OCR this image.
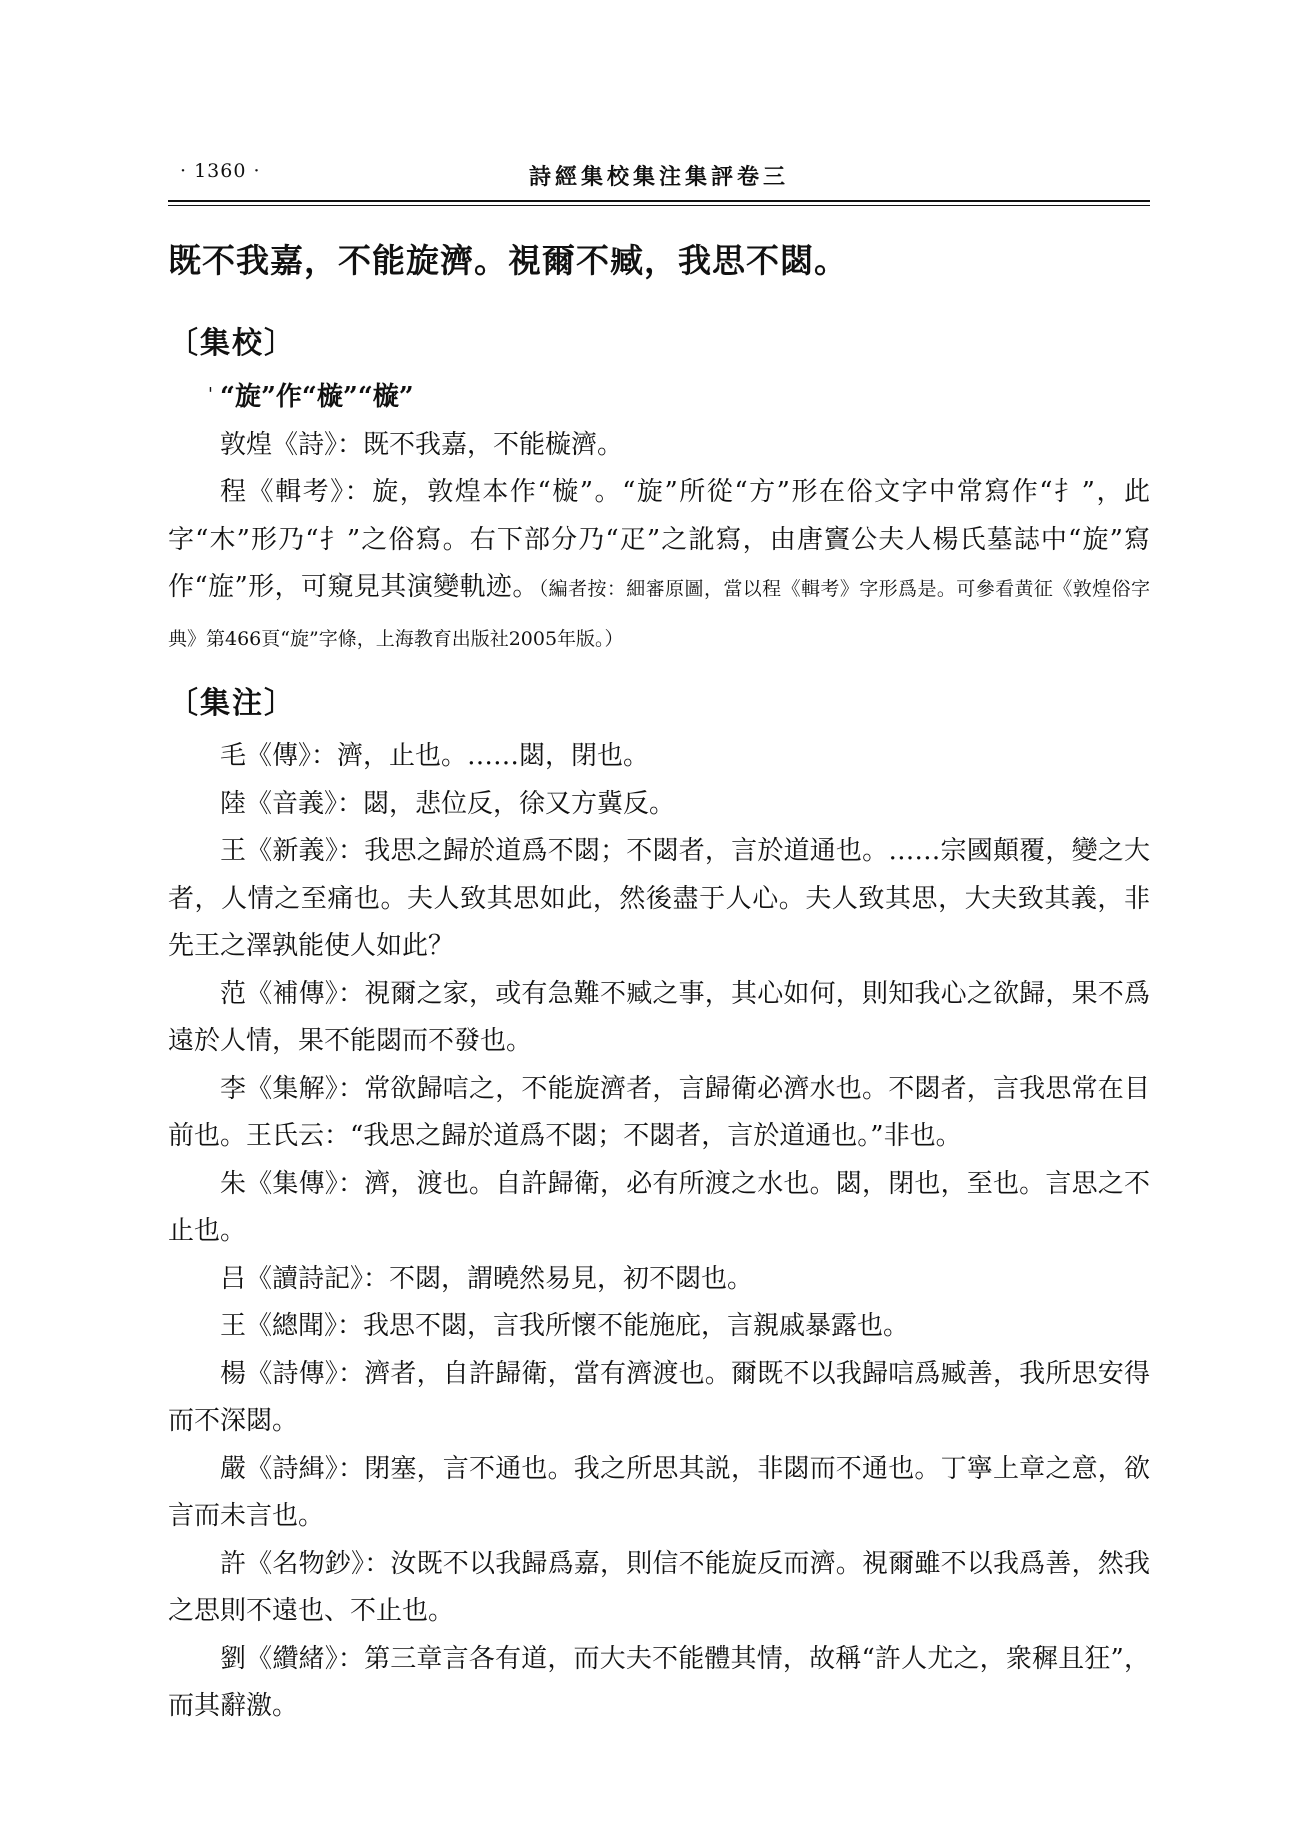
· 1360 ·	詩經集校集注集評卷三
既不我嘉，不能旋濟。視爾不臧，我思不閟。
〔集校〕
' “旋”作“㯀”“㯀”

敦煌《詩》：既不我嘉，不能㯀濟。

程《輯考》：旋，敦煌本作“㯀”。“旋”所從“方”形在俗文字中常寫作“扌”，此字“木”形乃“扌”之俗寫。右下部分乃“疋”之訛寫，由唐竇公夫人楊氏墓誌中“旋”寫作“㫌”形，可窺見其演變軌迹。（編者按：細審原圖，當以程《輯考》字形爲是。可參看黄征《敦煌俗字典》第466頁“旋”字條，上海教育出版社2005年版。）

〔集注〕

毛《傳》：濟，止也。……閟，閉也。

陸《音義》：閟，悲位反，徐又方冀反。

王《新義》：我思之歸於道爲不閟；不閟者，言於道通也。……宗國顛覆，變之大者，人情之至痛也。夫人致其思如此，然後盡于人心。夫人致其思，大夫致其義，非先王之澤孰能使人如此？

范《補傳》：視爾之家，或有急難不臧之事，其心如何，則知我心之欲歸，果不爲遠於人情，果不能閟而不發也。

李《集解》：常欲歸唁之，不能旋濟者，言歸衛必濟水也。不閟者，言我思常在目前也。王氏云：“我思之歸於道爲不閟；不閟者，言於道通也。”非也。

朱《集傳》：濟，渡也。自許歸衛，必有所渡之水也。閟，閉也，至也。言思之不止也。

吕《讀詩記》：不閟，謂曉然易見，初不閟也。

王《總聞》：我思不閟，言我所懷不能施庇，言親戚暴露也。

楊《詩傳》：濟者，自許歸衛，當有濟渡也。爾既不以我歸唁爲臧善，我所思安得而不深閟。

嚴《詩緝》：閉塞，言不通也。我之所思其説，非閟而不通也。丁寧上章之意，欲言而未言也。

許《名物鈔》：汝既不以我歸爲嘉，則信不能旋反而濟。視爾雖不以我爲善，然我之思則不遠也、不止也。

劉《纘緒》：第三章言各有道，而大夫不能體其情，故稱“許人尤之，衆穉且狂”，而其辭激。
